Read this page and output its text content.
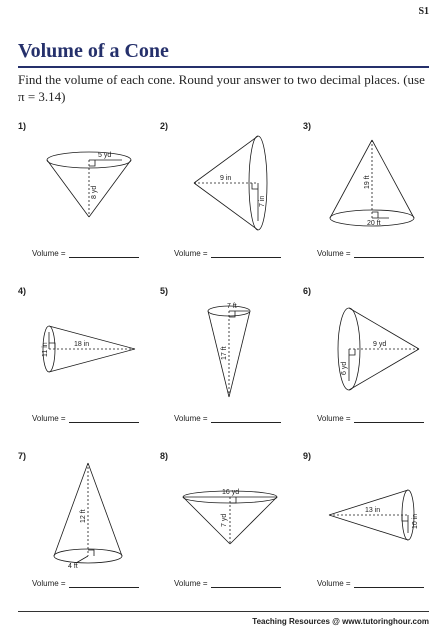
S1
Volume of a Cone
Find the volume of each cone. Round your answer to two decimal places. (use π = 3.14)
1)
5 yd
8 yd
Volume =
2)
9 in
7 in
Volume =
3)
19 ft
20 ft
Volume =
4)
11 in	18 in
Volume =
5)
7 ft
17 ft
Volume =
6)
9 yd
6 yd
Volume =
7)
12 ft
4 ft
Volume =
8)
16 yd
7 yd
Volume =
9)
13 in
10 in
Volume =
Teaching Resources @ www.tutoringhour.com
